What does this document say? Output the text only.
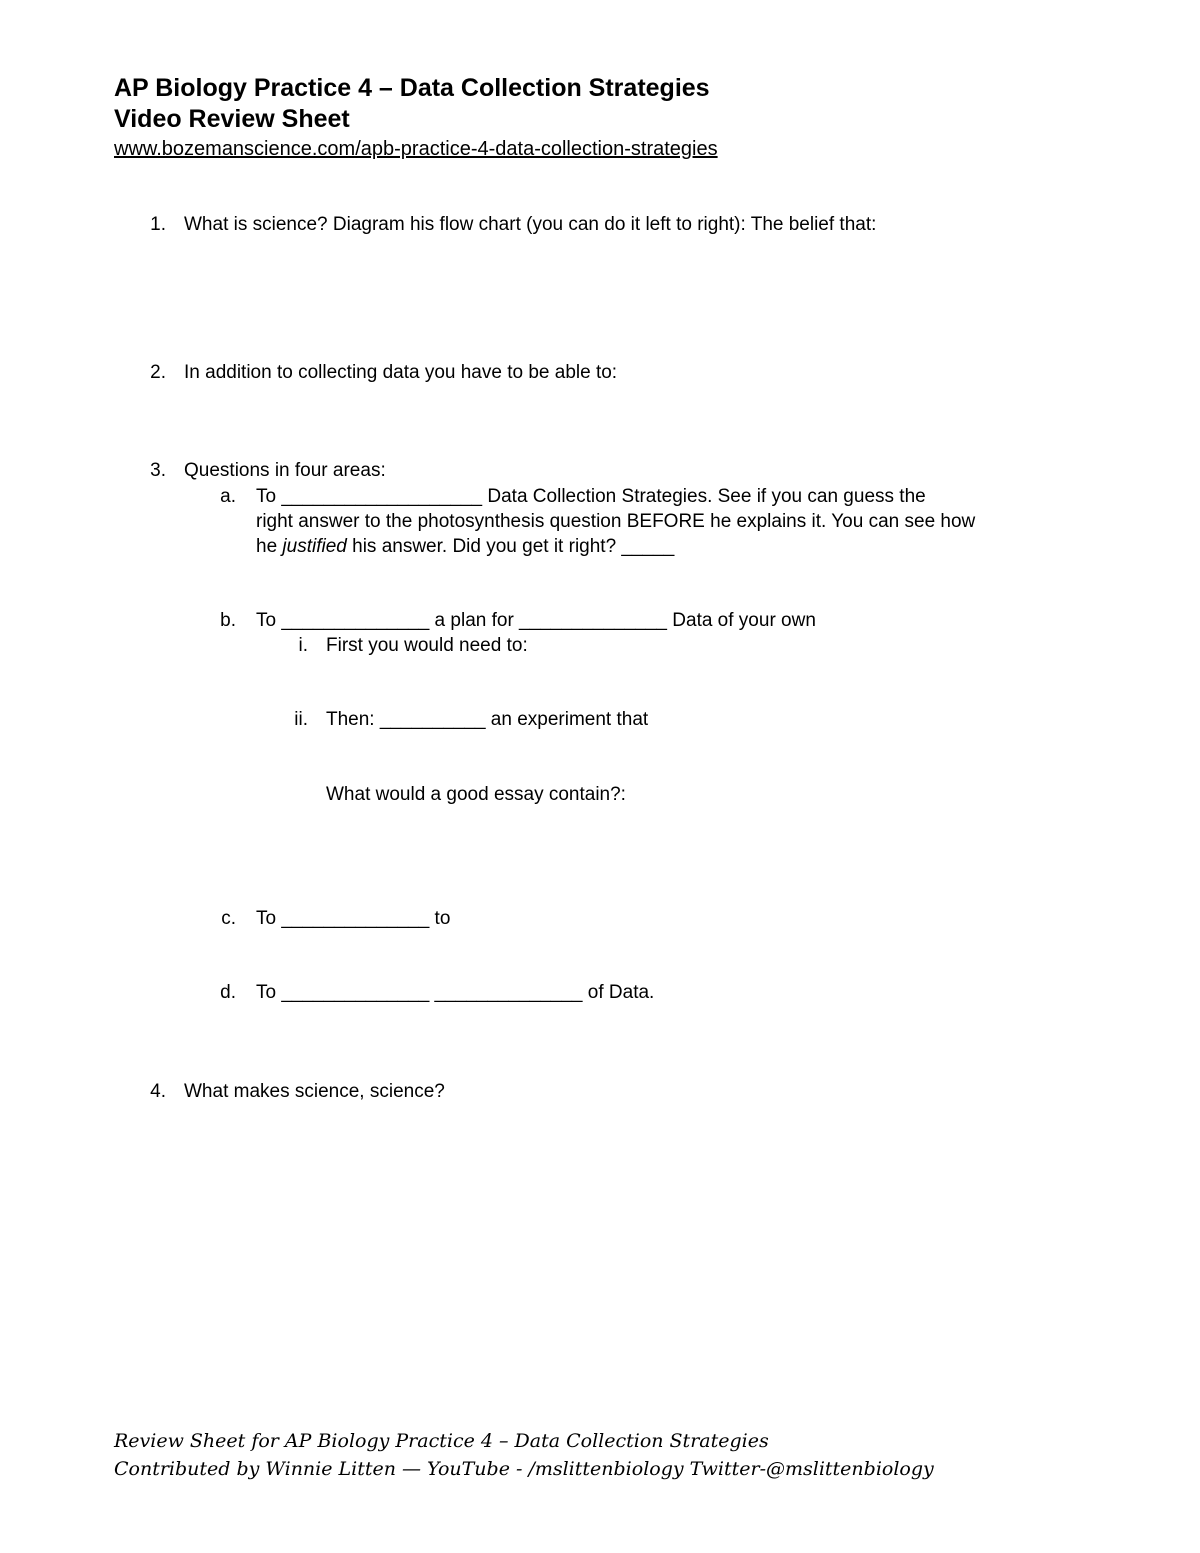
AP Biology Practice 4 – Data Collection Strategies
Video Review Sheet
www.bozemanscience.com/apb-practice-4-data-collection-strategies
1. What is science? Diagram his flow chart (you can do it left to right): The belief that:
2. In addition to collecting data you have to be able to:
3. Questions in four areas:
a. To ___________________ Data Collection Strategies. See if you can guess the
right answer to the photosynthesis question BEFORE he explains it. You can see how
he justified his answer. Did you get it right? _____
b. To ______________ a plan for ______________ Data of your own
i. First you would need to:
ii. Then: __________ an experiment that
What would a good essay contain?:
c. To ______________ to
d. To ______________ ______________ of Data.
4. What makes science, science?
Review Sheet for AP Biology Practice 4 – Data Collection Strategies
Contributed by Winnie Litten — YouTube - /mslittenbiology Twitter-@mslittenbiology
